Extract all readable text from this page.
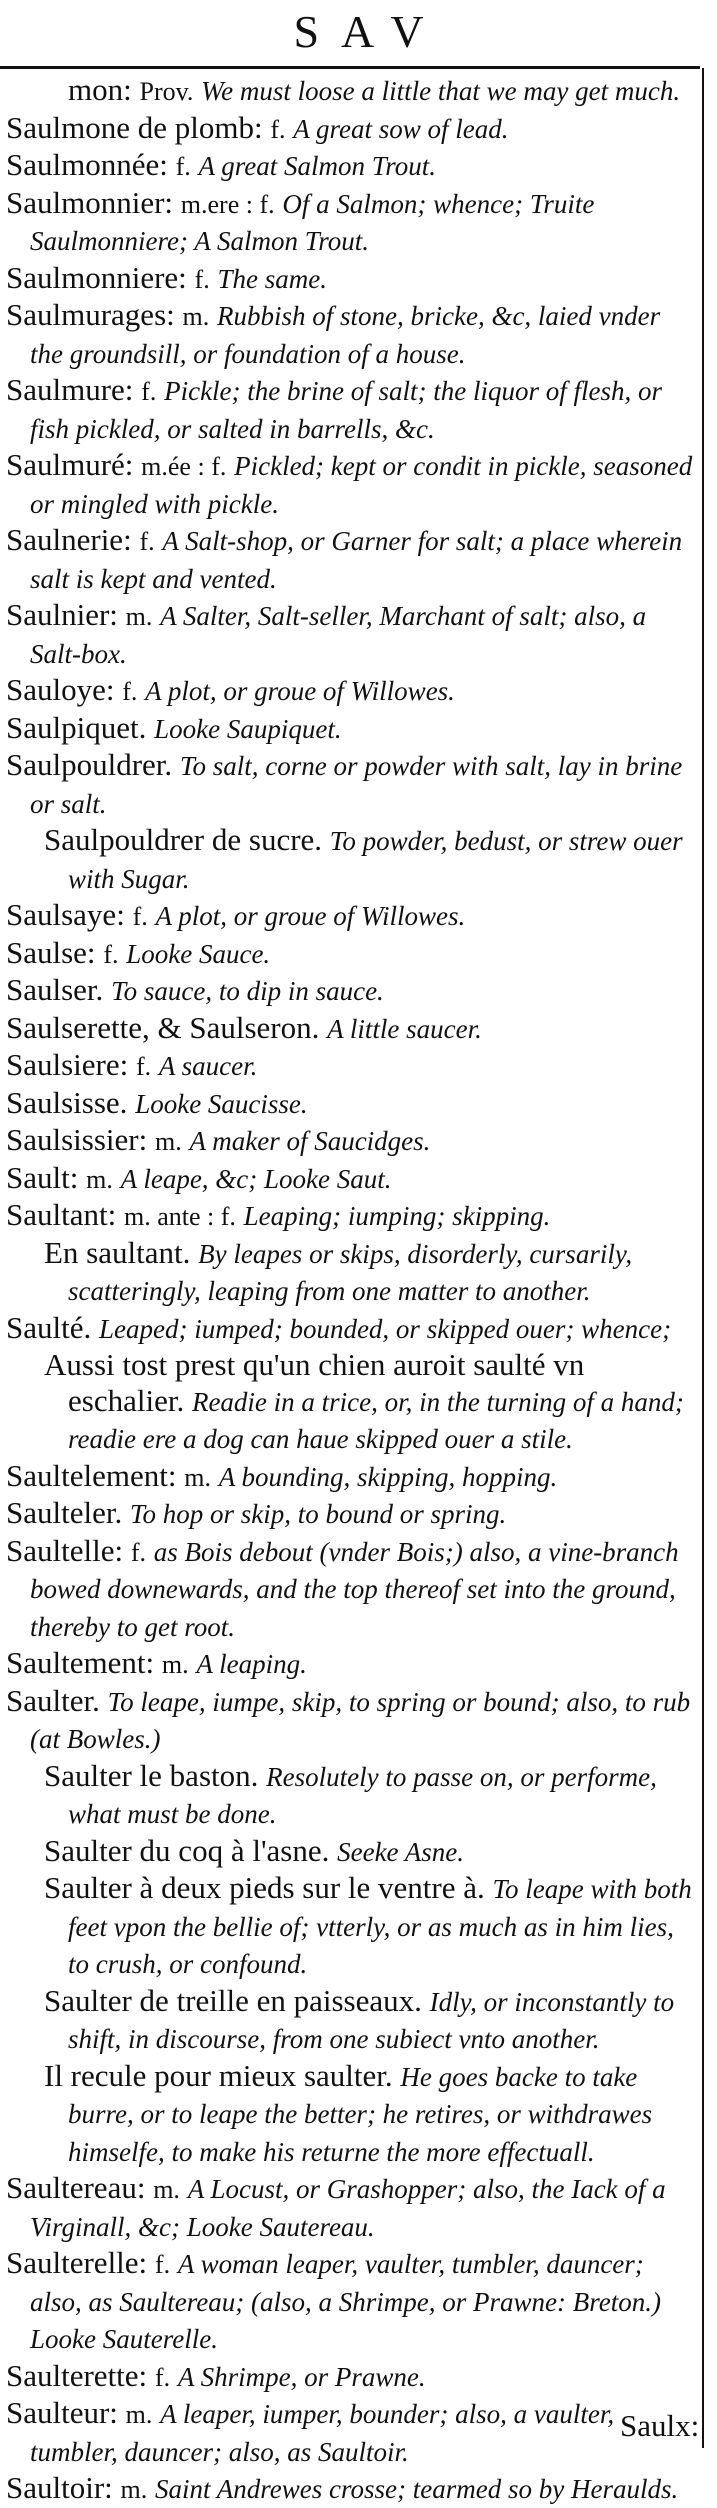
SAV
mon: Prov. We must loose a little that we may get much.
Saulmone de plomb: f. A great sow of lead.
Saulmonnée: f. A great Salmon Trout.
Saulmonnier: m.ere : f. Of a Salmon; whence; Truite Saulmonniere; A Salmon Trout.
Saulmonniere: f. The same.
Saulmurages: m. Rubbish of stone, bricke, &c, laied vnder the groundsill, or foundation of a house.
Saulmure: f. Pickle; the brine of salt; the liquor of flesh, or fish pickled, or salted in barrells, &c.
Saulmuré: m.ée : f. Pickled; kept or condit in pickle, seasoned or mingled with pickle.
Saulnerie: f. A Salt-shop, or Garner for salt; a place wherein salt is kept and vented.
Saulnier: m. A Salter, Salt-seller, Marchant of salt; also, a Salt-box.
Sauloye: f. A plot, or groue of Willowes.
Saulpiquet. Looke Saupiquet.
Saulpouldrer. To salt, corne or powder with salt, lay in brine or salt.
Saulpouldrer de sucre. To powder, bedust, or strew ouer with Sugar.
Saulsaye: f. A plot, or groue of Willowes.
Saulse: f. Looke Sauce.
Saulser. To sauce, to dip in sauce.
Saulserette, & Saulseron. A little saucer.
Saulsiere: f. A saucer.
Saulsisse. Looke Saucisse.
Saulsissier: m. A maker of Saucidges.
Sault: m. A leape, &c; Looke Saut.
Saultant: m. ante : f. Leaping; iumping; skipping.
En saultant. By leapes or skips, disorderly, cursarily, scatteringly, leaping from one matter to another.
Saulté. Leaped; iumped; bounded, or skipped ouer; whence;
Aussi tost prest qu'un chien auroit saulté vn eschalier. Readie in a trice, or, in the turning of a hand; readie ere a dog can haue skipped ouer a stile.
Saultelement: m. A bounding, skipping, hopping.
Saulteler. To hop or skip, to bound or spring.
Saultelle: f. as Bois debout (vnder Bois;) also, a vine-branch bowed downewards, and the top thereof set into the ground, thereby to get root.
Saultement: m. A leaping.
Saulter. To leape, iumpe, skip, to spring or bound; also, to rub (at Bowles.)
Saulter le baston. Resolutely to passe on, or performe, what must be done.
Saulter du coq à l'asne. Seeke Asne.
Saulter à deux pieds sur le ventre à. To leape with both feet vpon the bellie of; vtterly, or as much as in him lies, to crush, or confound.
Saulter de treille en paisseaux. Idly, or inconstantly to shift, in discourse, from one subiect vnto another.
Il recule pour mieux saulter. He goes backe to take burre, or to leape the better; he retires, or withdrawes himselfe, to make his returne the more effectuall.
Saultereau: m. A Locust, or Grashopper; also, the Iack of a Virginall, &c; Looke Sautereau.
Saulterelle: f. A woman leaper, vaulter, tumbler, dauncer; also, as Saultereau; (also, a Shrimpe, or Prawne: Breton.) Looke Sauterelle.
Saulterette: f. A Shrimpe, or Prawne.
Saulteur: m. A leaper, iumper, bounder; also, a vaulter, tumbler, dauncer; also, as Saultoir.
Saultoir: m. Saint Andrewes crosse; tearmed so by Heraulds.
Saulx:
